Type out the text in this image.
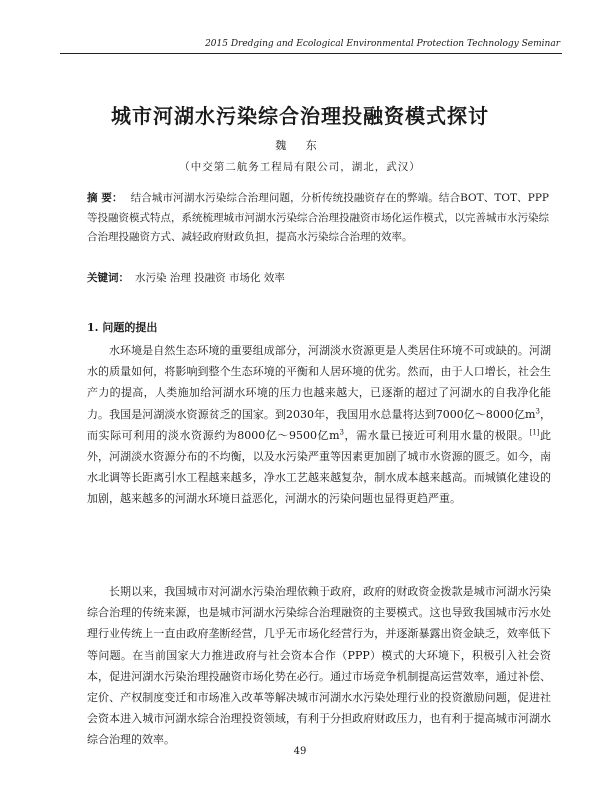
2015 Dredging and Ecological Environmental Protection Technology Seminar
城市河湖水污染综合治理投融资模式探讨
魏 东
（中交第二航务工程局有限公司，湖北，武汉）
摘 要： 结合城市河湖水污染综合治理问题，分析传统投融资存在的弊端。结合BOT、TOT、PPP等投融资模式特点，系统梳理城市河湖水污染综合治理投融资市场化运作模式，以完善城市水污染综合治理投融资方式、减轻政府财政负担，提高水污染综合治理的效率。
关键词： 水污染 治理 投融资 市场化 效率
1. 问题的提出
水环境是自然生态环境的重要组成部分，河湖淡水资源更是人类居住环境不可或缺的。河湖水的质量如何，将影响到整个生态环境的平衡和人居环境的优劣。然而，由于人口增长，社会生产力的提高，人类施加给河湖水环境的压力也越来越大，已逐渐的超过了河湖水的自我净化能力。我国是河湖淡水资源贫乏的国家。到2030年，我国用水总量将达到7000亿～8000亿$m^3$，而实际可利用的淡水资源约为8000亿～9500亿$m^3$，需水量已接近可利用水量的极限。[1]此外，河湖淡水资源分布的不均衡，以及水污染严重等因素更加剧了城市水资源的匮乏。如今，南水北调等长距离引水工程越来越多，净水工艺越来越复杂，制水成本越来越高。而城镇化建设的加剧，越来越多的河湖水环境日益恶化，河湖水的污染问题也显得更趋严重。
长期以来，我国城市对河湖水污染治理依赖于政府，政府的财政资金拨款是城市河湖水污染综合治理的传统来源，也是城市河湖水污染综合治理融资的主要模式。这也导致我国城市污水处理行业传统上一直由政府垄断经营，几乎无市场化经营行为，并逐渐暴露出资金缺乏，效率低下等问题。在当前国家大力推进政府与社会资本合作（PPP）模式的大环境下，积极引入社会资本，促进河湖水污染治理投融资市场化势在必行。通过市场竞争机制提高运营效率，通过补偿、定价、产权制度变迁和市场准入改革等解决城市河湖水水污染处理行业的投资激励问题，促进社会资本进入城市河湖水综合治理投资领域，有利于分担政府财政压力，也有利于提高城市河湖水综合治理的效率。
49
